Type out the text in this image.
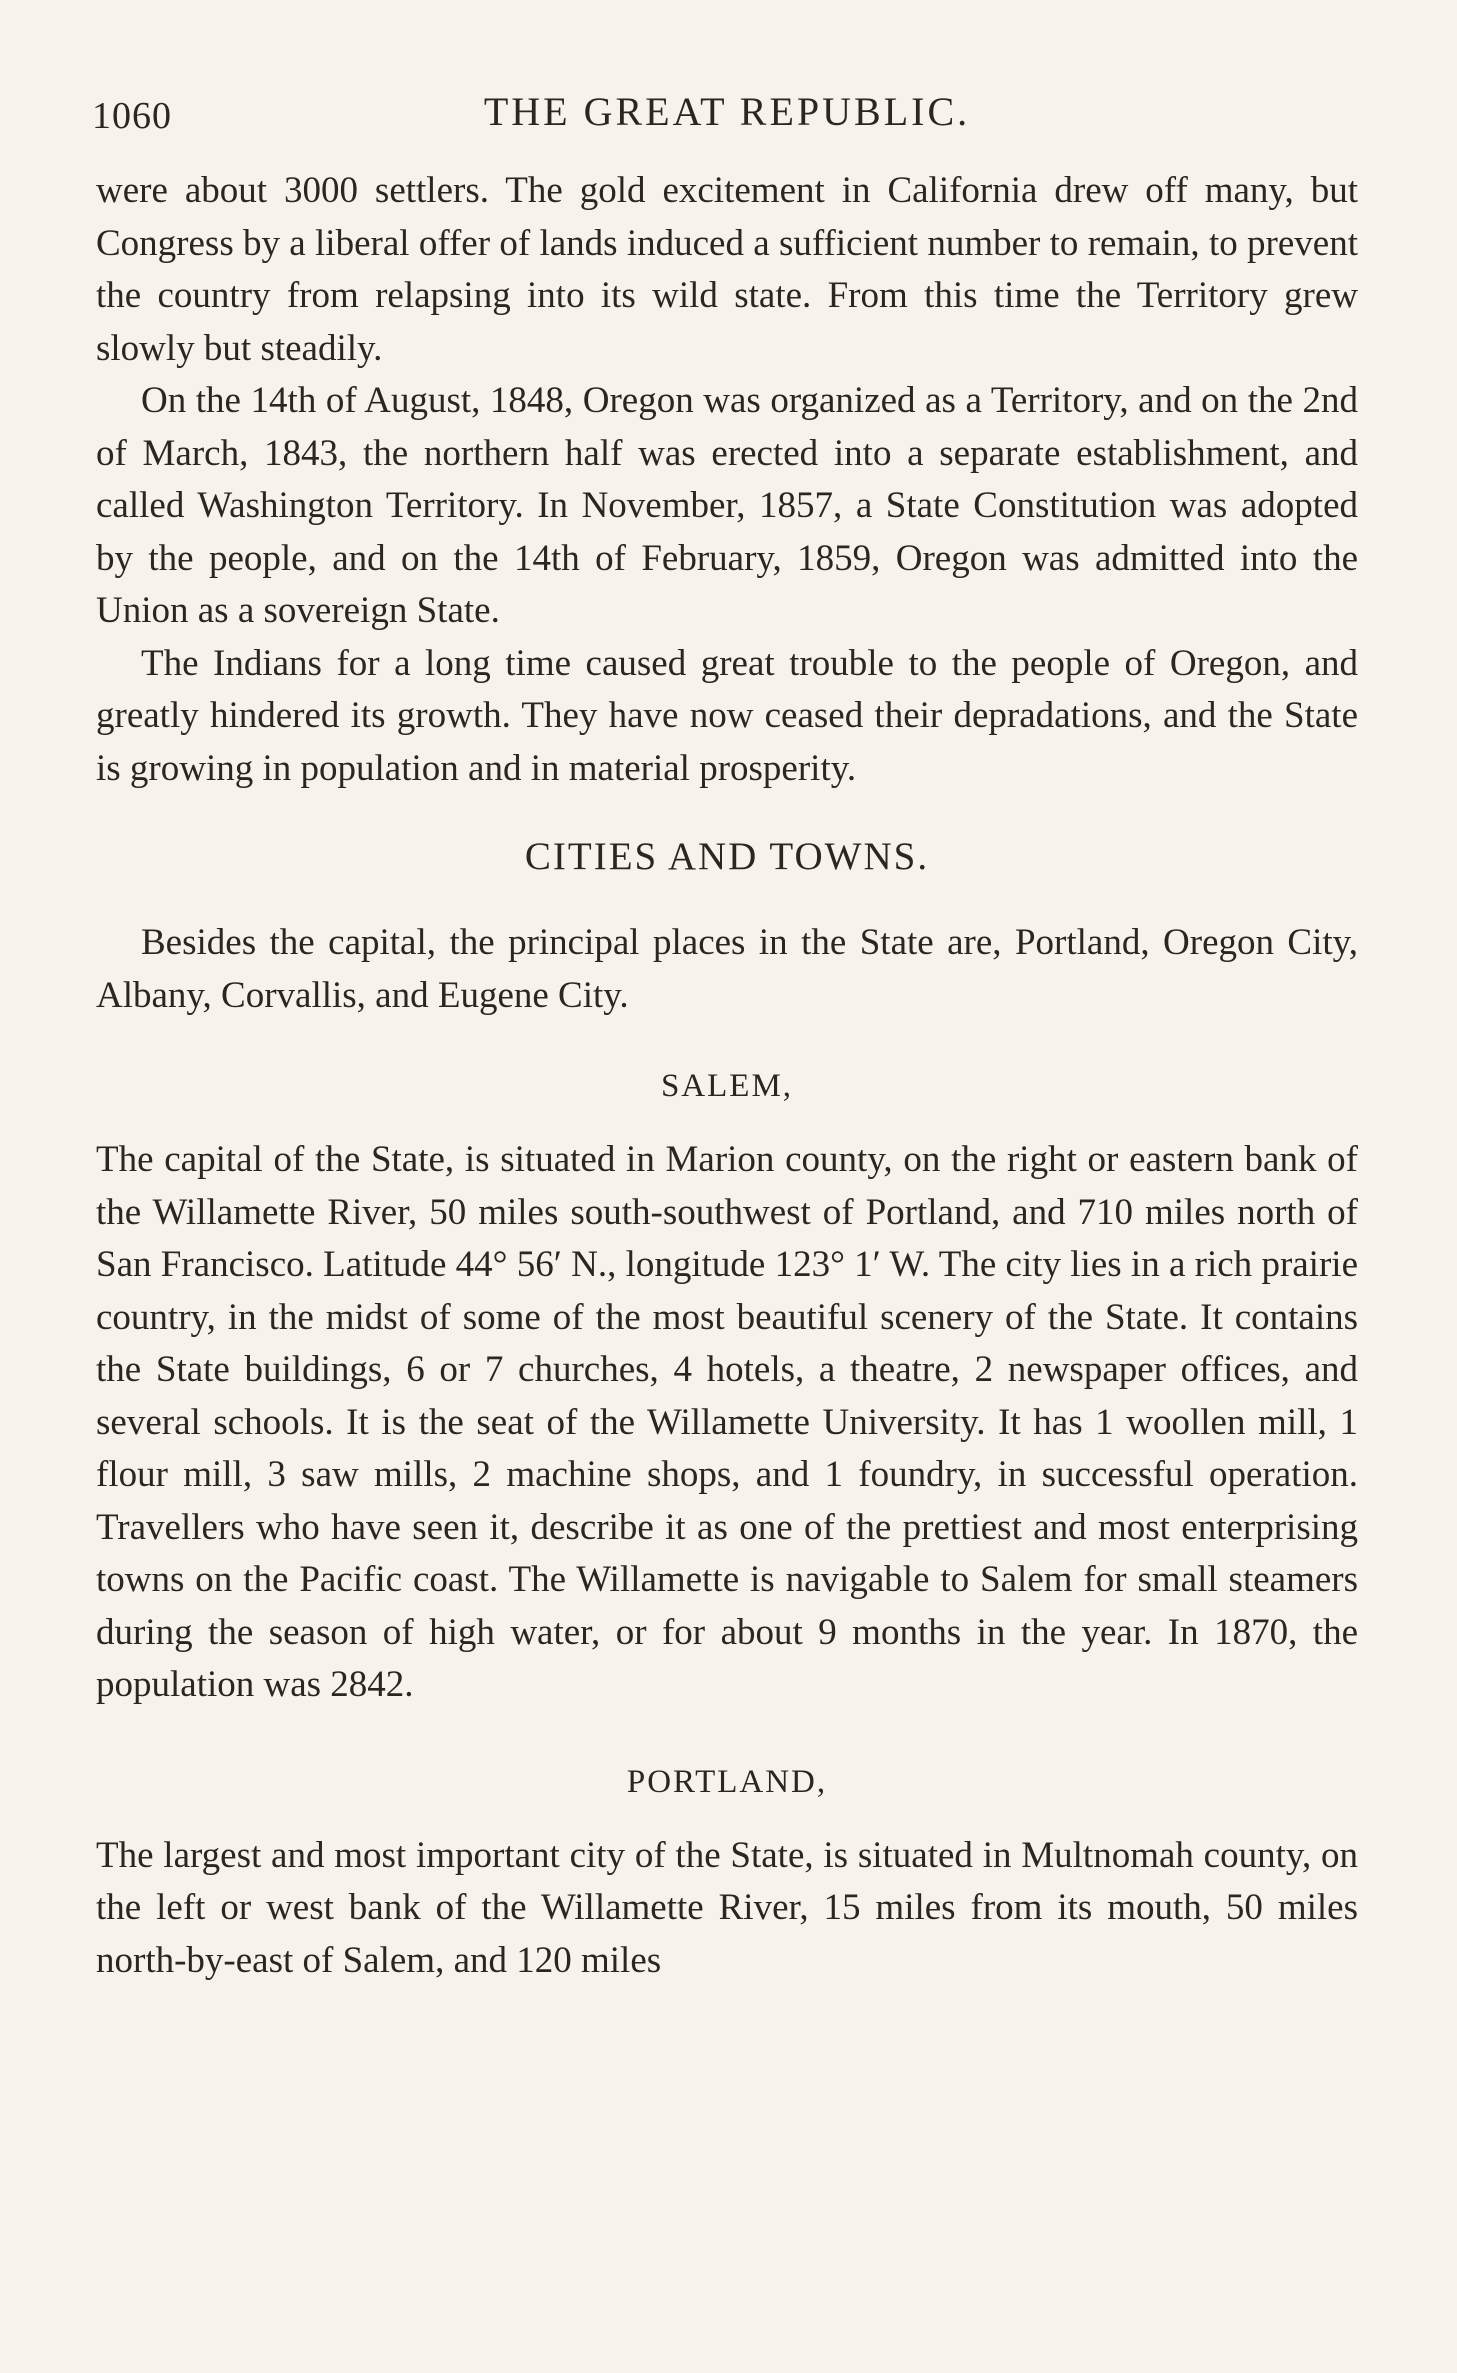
1060	THE GREAT REPUBLIC.

were about 3000 settlers. The gold excitement in California drew off many, but Congress by a liberal offer of lands induced a sufficient number to remain, to prevent the country from relapsing into its wild state. From this time the Territory grew slowly but steadily.

On the 14th of August, 1848, Oregon was organized as a Territory, and on the 2nd of March, 1843, the northern half was erected into a separate establishment, and called Washington Territory. In November, 1857, a State Constitution was adopted by the people, and on the 14th of February, 1859, Oregon was admitted into the Union as a sovereign State.

The Indians for a long time caused great trouble to the people of Oregon, and greatly hindered its growth. They have now ceased their depradations, and the State is growing in population and in material prosperity.

CITIES AND TOWNS.

Besides the capital, the principal places in the State are, Portland, Oregon City, Albany, Corvallis, and Eugene City.

SALEM,

The capital of the State, is situated in Marion county, on the right or eastern bank of the Willamette River, 50 miles south-southwest of Portland, and 710 miles north of San Francisco. Latitude 44° 56′ N., longitude 123° 1′ W. The city lies in a rich prairie country, in the midst of some of the most beautiful scenery of the State. It contains the State buildings, 6 or 7 churches, 4 hotels, a theatre, 2 newspaper offices, and several schools. It is the seat of the Willamette University. It has 1 woollen mill, 1 flour mill, 3 saw mills, 2 machine shops, and 1 foundry, in successful operation. Travellers who have seen it, describe it as one of the prettiest and most enterprising towns on the Pacific coast. The Willamette is navigable to Salem for small steamers during the season of high water, or for about 9 months in the year. In 1870, the population was 2842.

PORTLAND,

The largest and most important city of the State, is situated in Multnomah county, on the left or west bank of the Willamette River, 15 miles from its mouth, 50 miles north-by-east of Salem, and 120 miles
